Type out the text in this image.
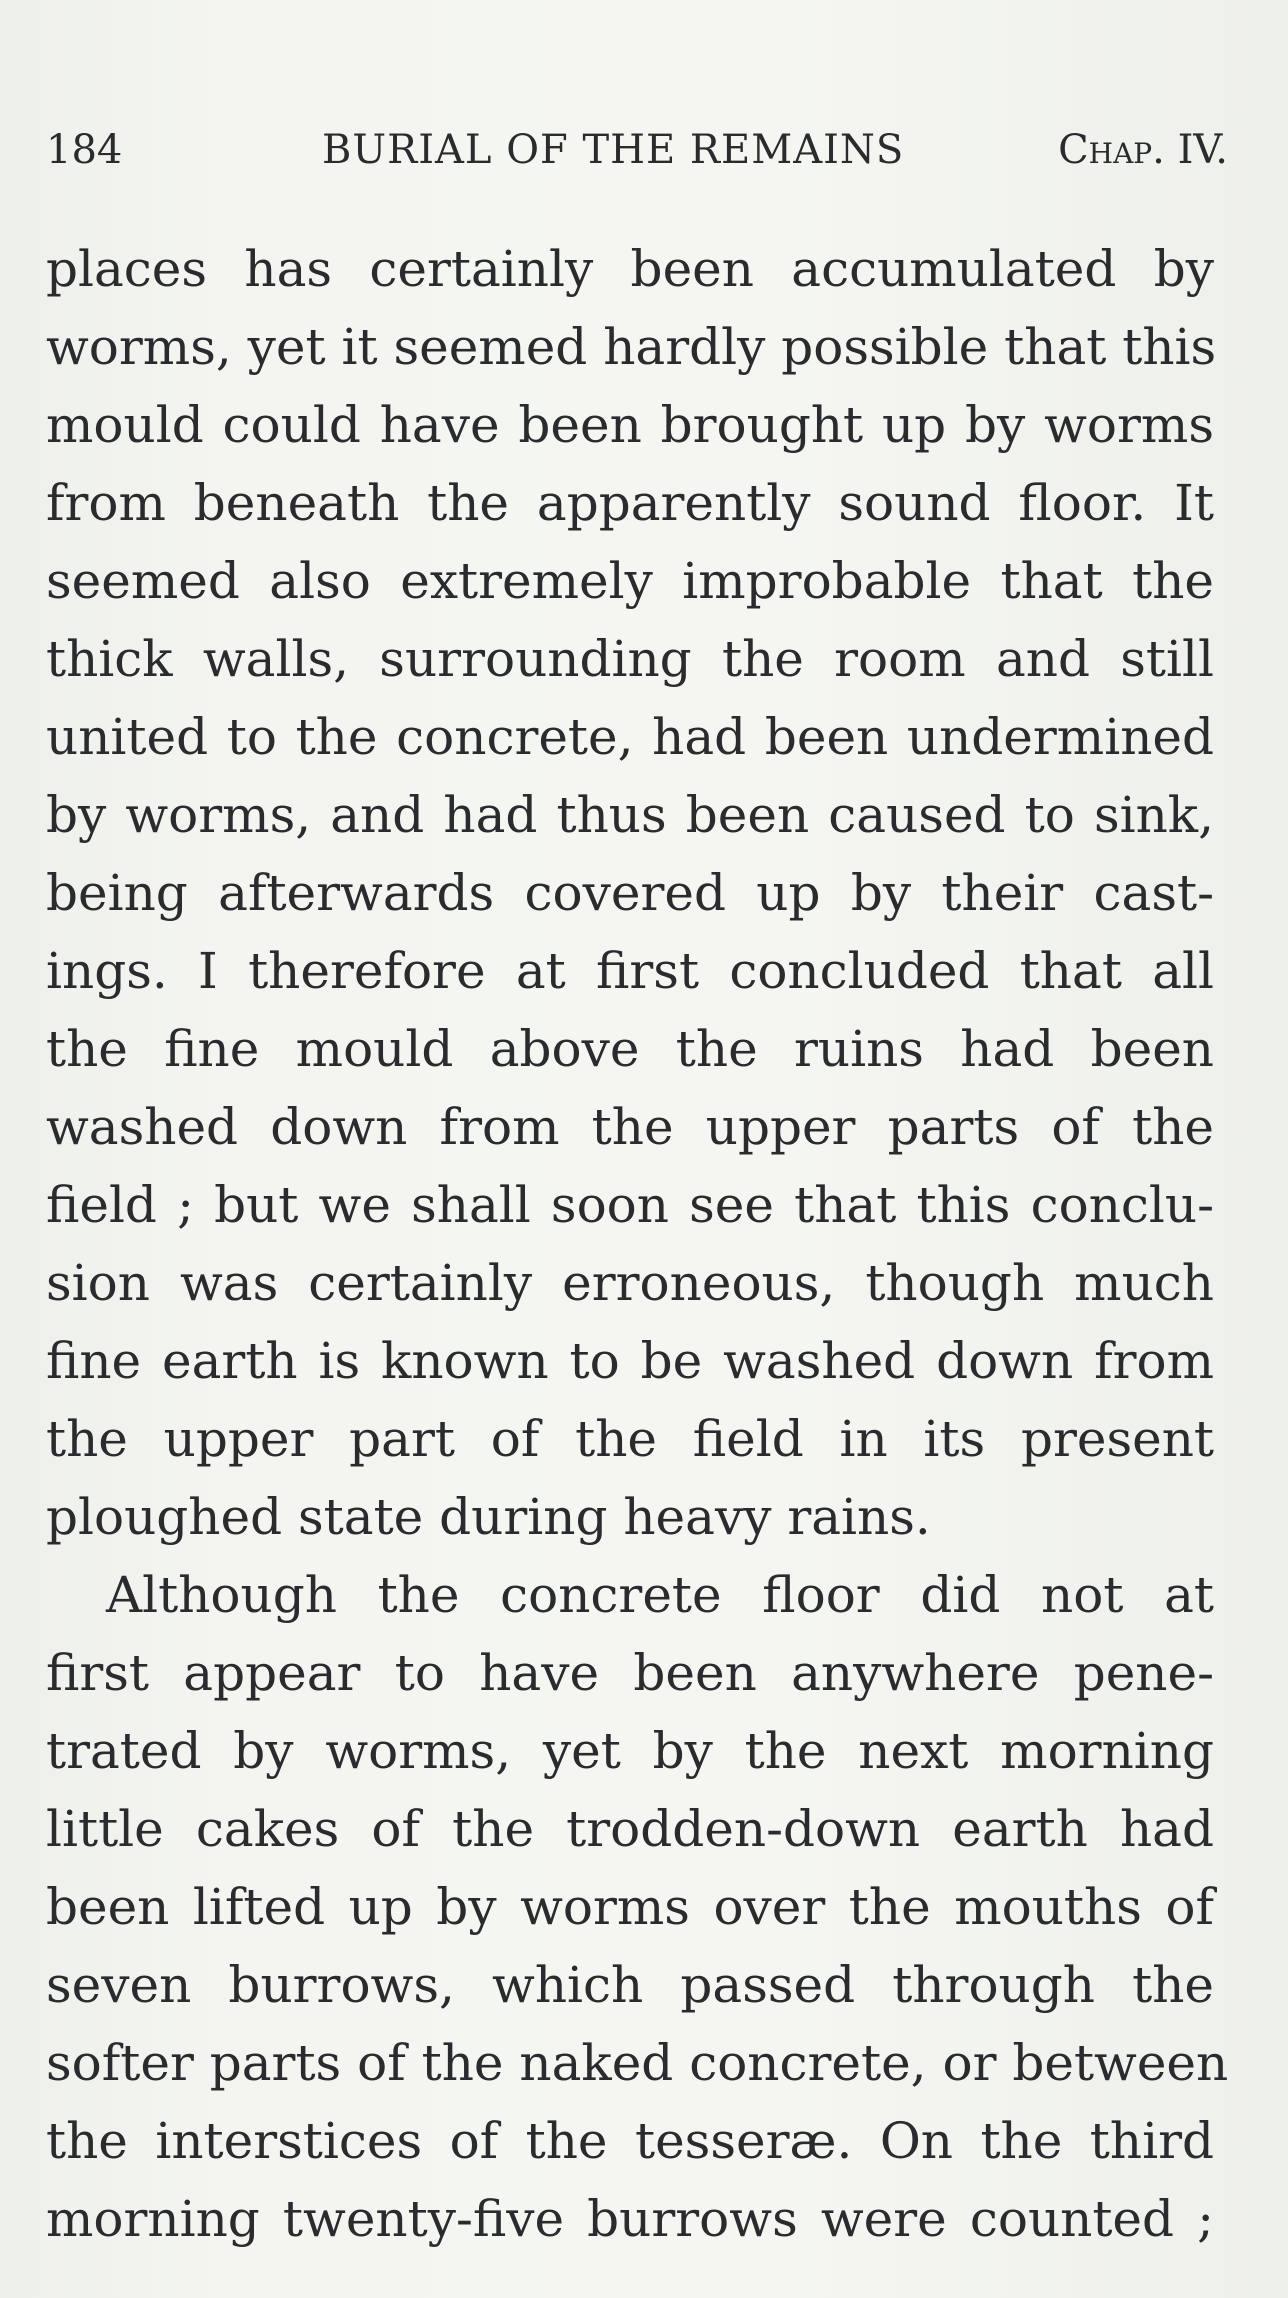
184	BURIAL OF THE REMAINS	Chap. IV.
places has certainly been accumulated by
worms, yet it seemed hardly possible that this
mould could have been brought up by worms
from beneath the apparently sound floor. It
seemed also extremely improbable that the
thick walls, surrounding the room and still
united to the concrete, had been undermined
by worms, and had thus been caused to sink,
being afterwards covered up by their cast-
ings. I therefore at first concluded that all
the fine mould above the ruins had been
washed down from the upper parts of the
field ; but we shall soon see that this conclu-
sion was certainly erroneous, though much
fine earth is known to be washed down from
the upper part of the field in its present
ploughed state during heavy rains.
Although the concrete floor did not at
first appear to have been anywhere pene-
trated by worms, yet by the next morning
little cakes of the trodden-down earth had
been lifted up by worms over the mouths of
seven burrows, which passed through the
softer parts of the naked concrete, or between
the interstices of the tesseræ. On the third
morning twenty-five burrows were counted ;
